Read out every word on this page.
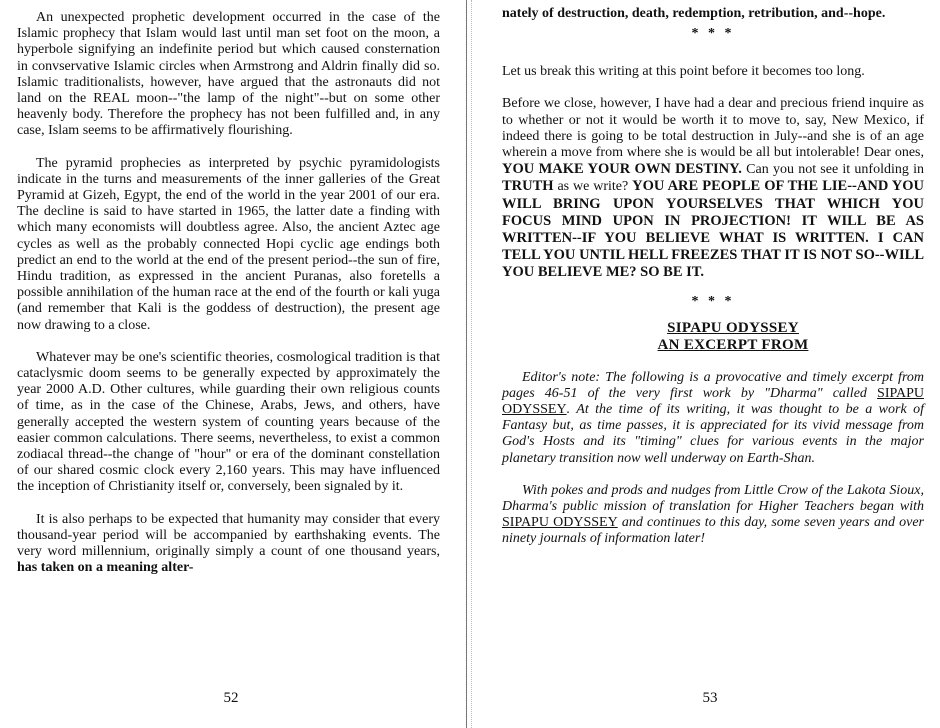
An unexpected prophetic development occurred in the case of the Islamic prophecy that Islam would last until man set foot on the moon, a hyperbole signifying an indefinite period but which caused consternation in convservative Islamic circles when Armstrong and Aldrin finally did so. Islamic traditionalists, however, have argued that the astronauts did not land on the REAL moon--"the lamp of the night"--but on some other heavenly body. Therefore the prophecy has not been fulfilled and, in any case, Islam seems to be affirmatively flourishing.

The pyramid prophecies as interpreted by psychic pyramidologists indicate in the turns and measurements of the inner galleries of the Great Pyramid at Gizeh, Egypt, the end of the world in the year 2001 of our era. The decline is said to have started in 1965, the latter date a finding with which many economists will doubtless agree. Also, the ancient Aztec age cycles as well as the probably connected Hopi cyclic age endings both predict an end to the world at the end of the present period--the sun of fire, Hindu tradition, as expressed in the ancient Puranas, also foretells a possible annihilation of the human race at the end of the fourth or kali yuga (and remember that Kali is the goddess of destruction), the present age now drawing to a close.

Whatever may be one's scientific theories, cosmological tradition is that cataclysmic doom seems to be generally expected by approximately the year 2000 A.D. Other cultures, while guarding their own religious counts of time, as in the case of the Chinese, Arabs, Jews, and others, have generally accepted the western system of counting years because of the easier common calculations. There seems, nevertheless, to exist a common zodiacal thread--the change of "hour" or era of the dominant constellation of our shared cosmic clock every 2,160 years. This may have influenced the inception of Christianity itself or, conversely, been signaled by it.

It is also perhaps to be expected that humanity may consider that every thousand-year period will be accompanied by earthshaking events. The very word millennium, originally simply a count of one thousand years, has taken on a meaning alter-

52

nately of destruction, death, redemption, retribution, and--hope.

* * *

Let us break this writing at this point before it becomes too long.

Before we close, however, I have had a dear and precious friend inquire as to whether or not it would be worth it to move to, say, New Mexico, if indeed there is going to be total destruction in July--and she is of an age wherein a move from where she is would be all but intolerable! Dear ones, YOU MAKE YOUR OWN DESTINY. Can you not see it unfolding in TRUTH as we write? YOU ARE PEOPLE OF THE LIE--AND YOU WILL BRING UPON YOURSELVES THAT WHICH YOU FOCUS MIND UPON IN PROJECTION! IT WILL BE AS WRITTEN--IF YOU BELIEVE WHAT IS WRITTEN. I CAN TELL YOU UNTIL HELL FREEZES THAT IT IS NOT SO--WILL YOU BELIEVE ME? SO BE IT.

* * *
SIPAPU ODYSSEY
AN EXCERPT FROM

Editor's note: The following is a provocative and timely excerpt from pages 46-51 of the very first work by "Dharma" called SIPAPU ODYSSEY. At the time of its writing, it was thought to be a work of Fantasy but, as time passes, it is appreciated for its vivid message from God's Hosts and its "timing" clues for various events in the major planetary transition now well underway on Earth-Shan.

With pokes and prods and nudges from Little Crow of the Lakota Sioux, Dharma's public mission of translation for Higher Teachers began with SIPAPU ODYSSEY and continues to this day, some seven years and over ninety journals of information later!

53
